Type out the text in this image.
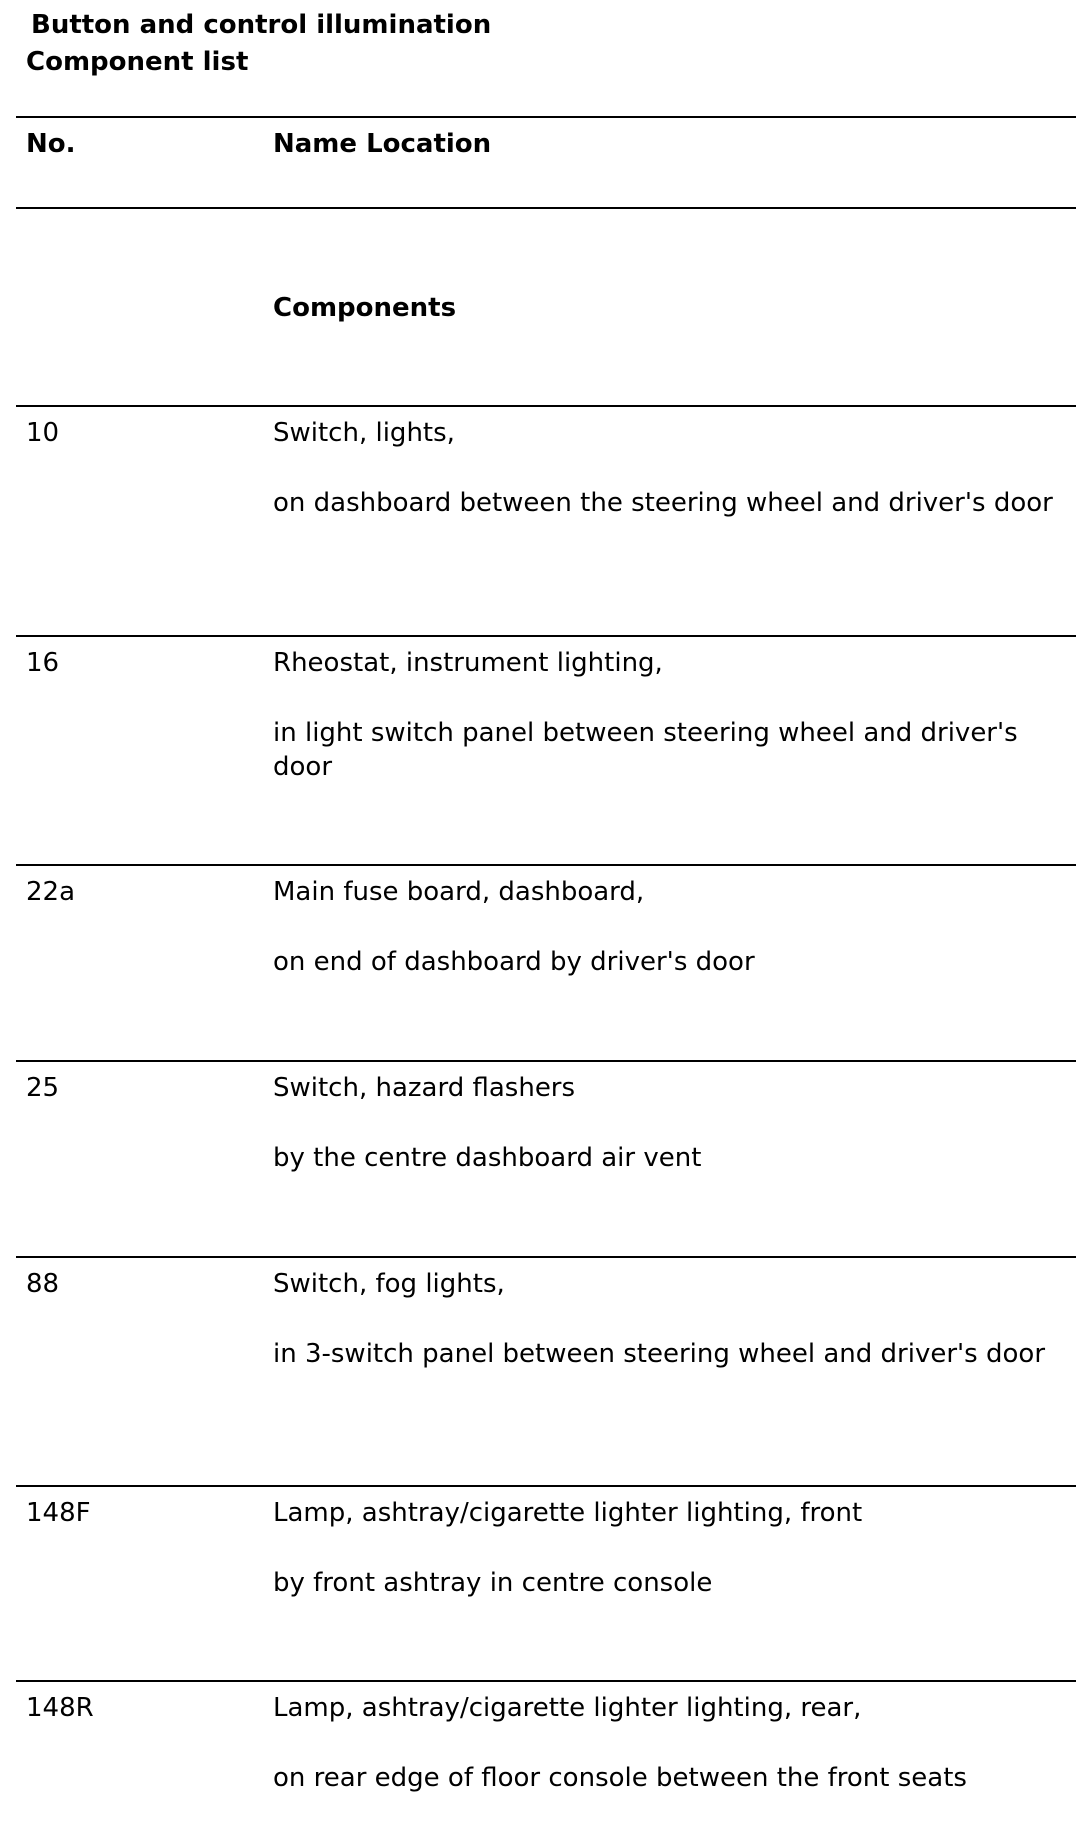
Button and control illumination
Component list
No.	Name Location
Components
10	Switch, lights,
on dashboard between the steering wheel and driver's door
16	Rheostat, instrument lighting,
in light switch panel between steering wheel and driver's door
22a	Main fuse board, dashboard,
on end of dashboard by driver's door
25	Switch, hazard flashers
by the centre dashboard air vent
88	Switch, fog lights,
in 3-switch panel between steering wheel and driver's door
148F	Lamp, ashtray/cigarette lighter lighting, front
by front ashtray in centre console
148R	Lamp, ashtray/cigarette lighter lighting, rear,
on rear edge of floor console between the front seats
